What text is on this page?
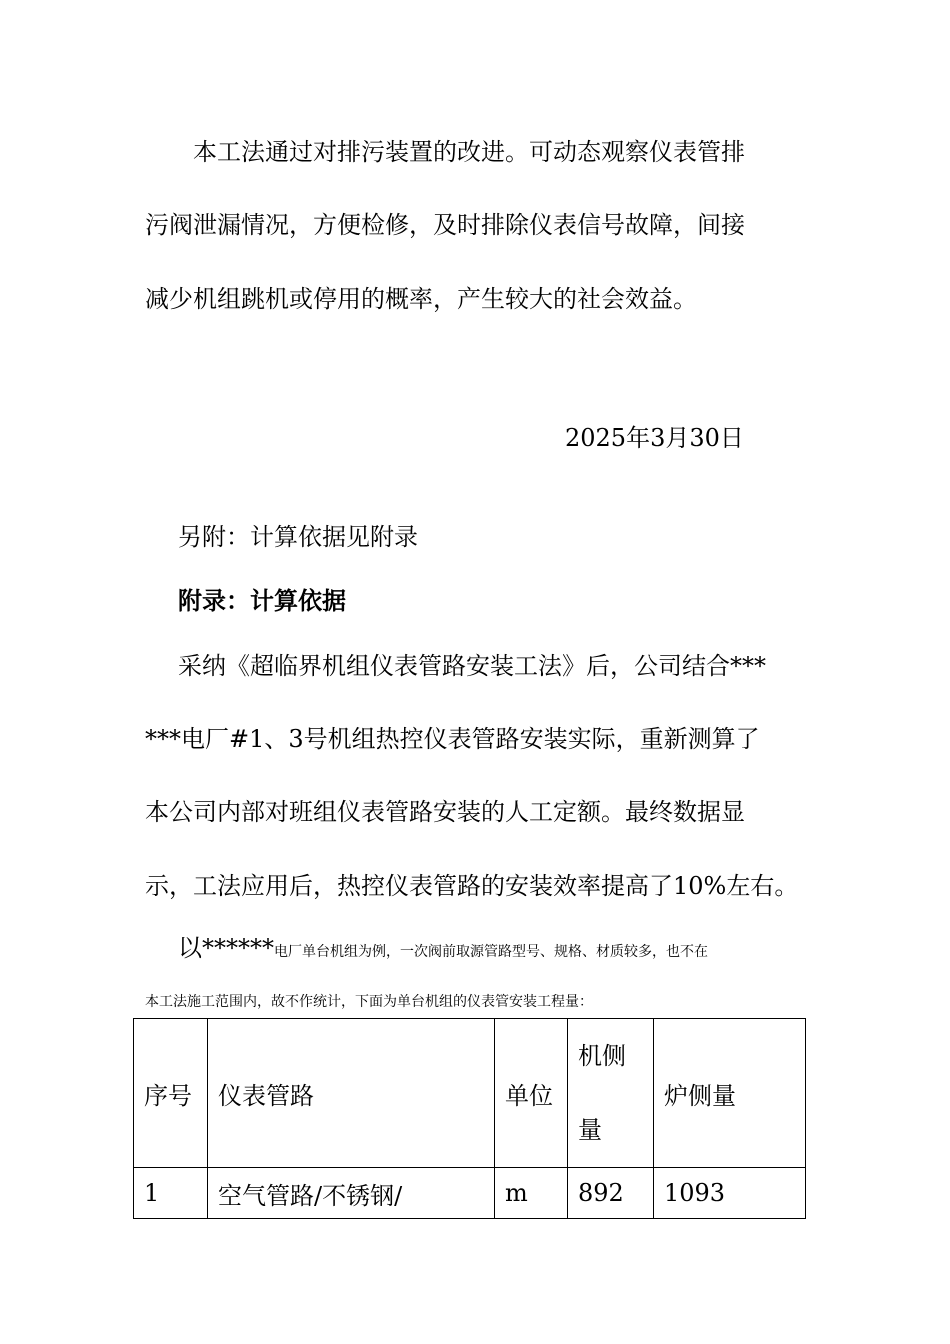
本工法通过对排污装置的改进。可动态观察仪表管排
污阀泄漏情况，方便检修，及时排除仪表信号故障，间接
减少机组跳机或停用的概率，产生较大的社会效益。
2025年3月30日
另附：计算依据见附录
附录：计算依据
采纳《超临界机组仪表管路安装工法》后，公司结合***
***电厂#1、3号机组热控仪表管路安装实际，重新测算了
本公司内部对班组仪表管路安装的人工定额。最终数据显
示，工法应用后，热控仪表管路的安装效率提高了10%左右。
以******电厂单台机组为例，一次阀前取源管路型号、规格、材质较多，也不在
本工法施工范围内，故不作统计，下面为单台机组的仪表管安装工程量：
序号	仪表管路	单位	机侧量	炉侧量
1	空气管路/不锈钢/	m	892	1093
